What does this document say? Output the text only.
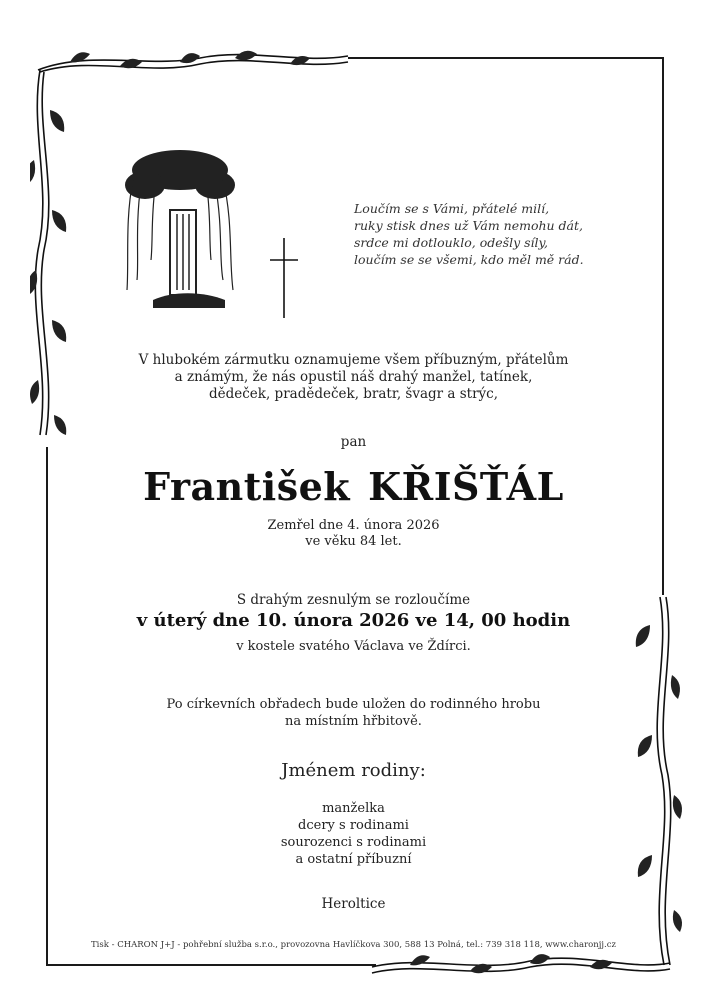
Loučím se s Vámi, přátelé milí,
ruky stisk dnes už Vám nemohu dát,
srdce mi dotlouklo, odešly síly,
loučím se se všemi, kdo měl mě rád.
V hlubokém zármutku oznamujeme všem příbuzným, přátelům
a známým, že nás opustil náš drahý manžel, tatínek,
dědeček, pradědeček, bratr, švagr a strýc,
pan
František KŘIŠŤÁL
Zemřel dne 4. února 2026
ve věku 84 let.
S drahým zesnulým se rozloučíme
v úterý dne 10. února 2026 ve 14, 00 hodin
v kostele svatého Václava ve Ždírci.
Po církevních obřadech bude uložen do rodinného hrobu
na místním hřbitově.
Jménem rodiny:
manželka
dcery s rodinami
sourozenci s rodinami
a ostatní příbuzní
Heroltice
Tisk - CHARON J+J - pohřební služba s.r.o., provozovna Havlíčkova 300, 588 13 Polná, tel.: 739 318 118, www.charonjj.cz
